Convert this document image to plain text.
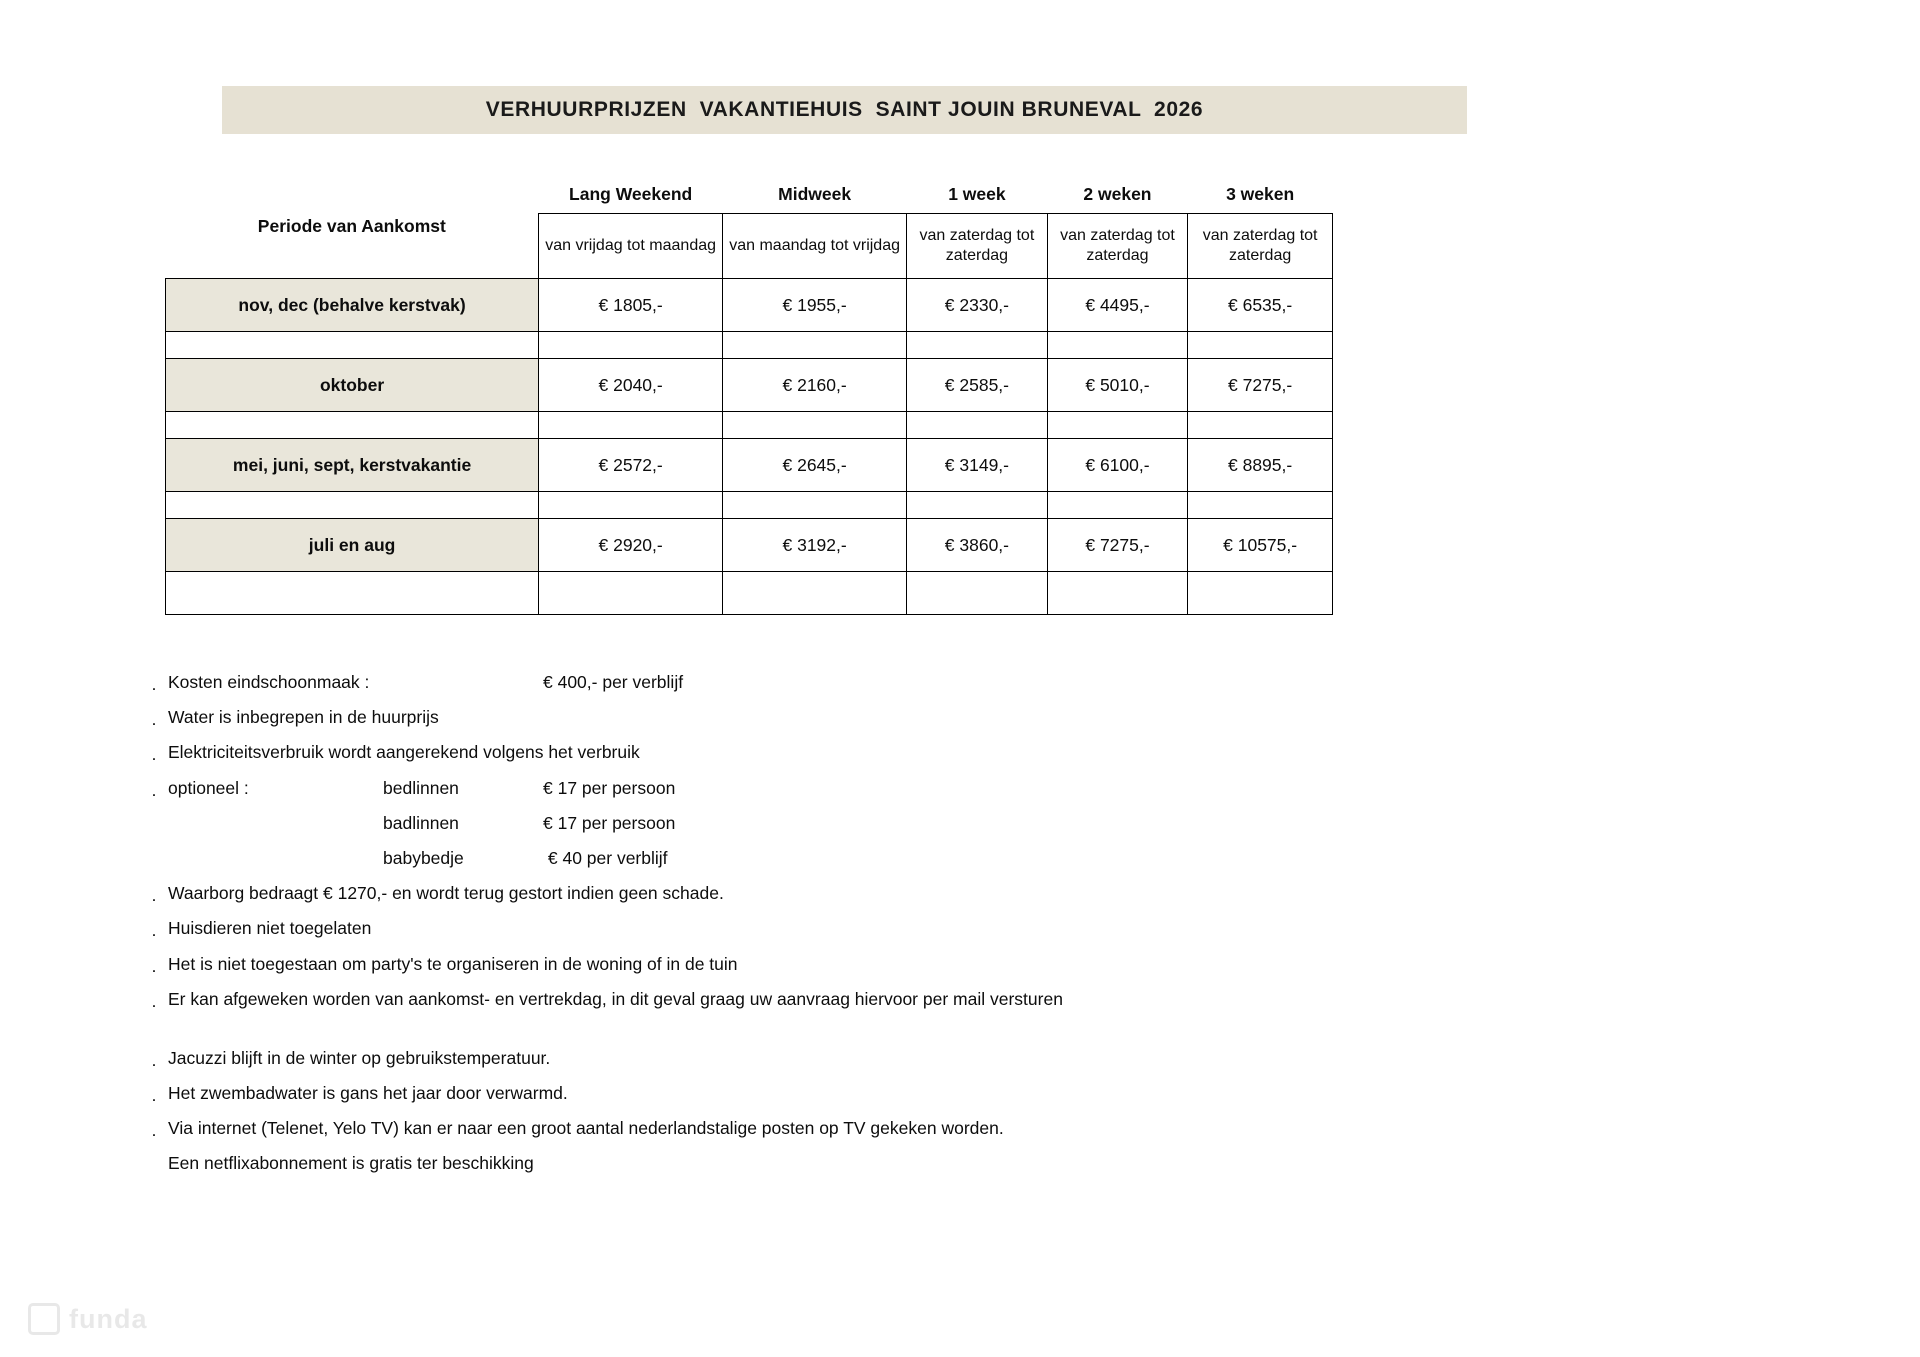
VERHUURPRIJZEN  VAKANTIEHUIS  SAINT JOUIN BRUNEVAL  2026
Periode van Aankomst	Lang Weekend	Midweek	1 week	2 weken	3 weken
	van vrijdag tot maandag	van maandag tot vrijdag	van zaterdag tot zaterdag	van zaterdag tot zaterdag	van zaterdag tot zaterdag
nov, dec (behalve kerstvak)	€ 1805,-	€ 1955,-	€ 2330,-	€ 4495,-	€ 6535,-

oktober	€ 2040,-	€ 2160,-	€ 2585,-	€ 5010,-	€ 7275,-

mei, juni, sept, kerstvakantie	€ 2572,-	€ 2645,-	€ 3149,-	€ 6100,-	€ 8895,-

juli en aug	€ 2920,-	€ 3192,-	€ 3860,-	€ 7275,-	€ 10575,-

. Kosten eindschoonmaak :	€ 400,- per verblijf
. Water is inbegrepen in de huurprijs
. Elektriciteitsverbruik wordt aangerekend volgens het verbruik
. optioneel :	bedlinnen	€ 17 per persoon
badlinnen	€ 17 per persoon
babybedje	€ 40 per verblijf
. Waarborg bedraagt € 1270,- en wordt terug gestort indien geen schade.
. Huisdieren niet toegelaten
. Het is niet toegestaan om party's te organiseren in de woning of in de tuin
. Er kan afgeweken worden van aankomst- en vertrekdag, in dit geval graag uw aanvraag hiervoor per mail versturen
. Jacuzzi blijft in de winter op gebruikstemperatuur.
. Het zwembadwater is gans het jaar door verwarmd.
. Via internet (Telenet, Yelo TV) kan er naar een groot aantal nederlandstalige posten op TV gekeken worden.
Een netflixabonnement is gratis ter beschikking
funda
